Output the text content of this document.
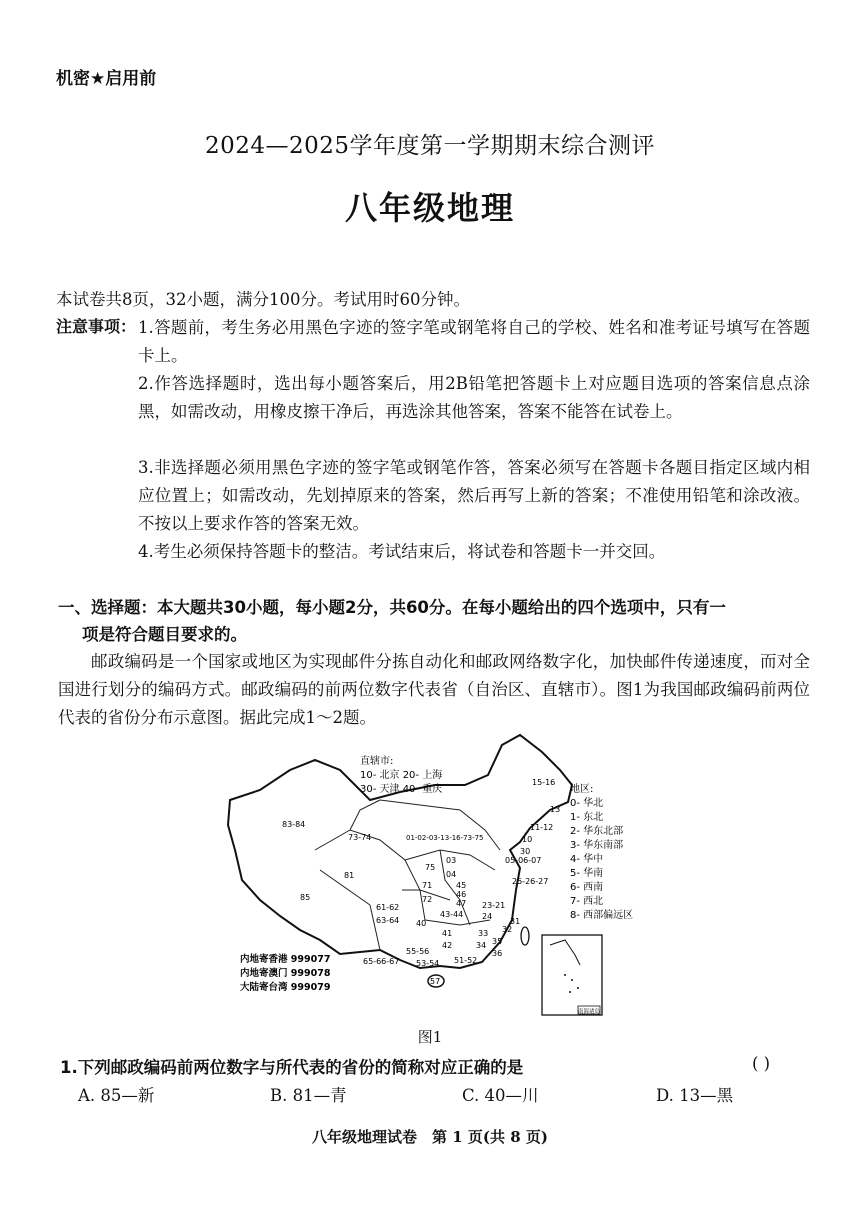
机密★启用前
2024—2025学年度第一学期期末综合测评
八年级地理
本试卷共8页，32小题，满分100分。考试用时60分钟。
注意事项： 1.答题前，考生务必用黑色字迹的签字笔或钢笔将自己的学校、姓名和准考证号填写在答题卡上。
2.作答选择题时，选出每小题答案后，用2B铅笔把答题卡上对应题目选项的答案信息点涂黑，如需改动，用橡皮擦干净后，再选涂其他答案，答案不能答在试卷上。
3.非选择题必须用黑色字迹的签字笔或钢笔作答，答案必须写在答题卡各题目指定区域内相应位置上；如需改动，先划掉原来的答案，然后再写上新的答案；不准使用铅笔和涂改液。不按以上要求作答的答案无效。
4.考生必须保持答题卡的整洁。考试结束后，将试卷和答题卡一并交回。
一、选择题：本大题共30小题，每小题2分，共60分。在每小题给出的四个选项中，只有一
项是符合题目要求的。
邮政编码是一个国家或地区为实现邮件分拣自动化和邮政网络数字化，加快邮件传递速度，而对全国进行划分的编码方式。邮政编码的前两位数字代表省（自治区、直辖市）。图1为我国邮政编码前两位代表的省份分布示意图。据此完成1～2题。
南海诸岛
直辖市:
10- 北京 20- 上海
30- 天津 40- 重庆	地区:
0- 华北
1- 东北
2- 华东北部
3- 华东南部
4- 华中
5- 华南
6- 西南
7- 西北
8- 西部偏远区
内地寄香港 999077
内地寄澳门 999078
大陆寄台湾 999079
83-84
85
81
73-74	01-02-03-13-16-73-75
15-16
13
11-12
10
30
05-06-07
03
04
75
71
72
45
46
47
25-26-27
61-62
63-64 40
43-44
23-21
24
31
41
42
33 32
34 35
36
55-56
65-66-67 53-54 51-52
57
图1
1.下列邮政编码前两位数字与所代表的省份的简称对应正确的是	( )
A. 85—新	B. 81—青	C. 40—川	D. 13—黑
八年级地理试卷　第 1 页(共 8 页)
